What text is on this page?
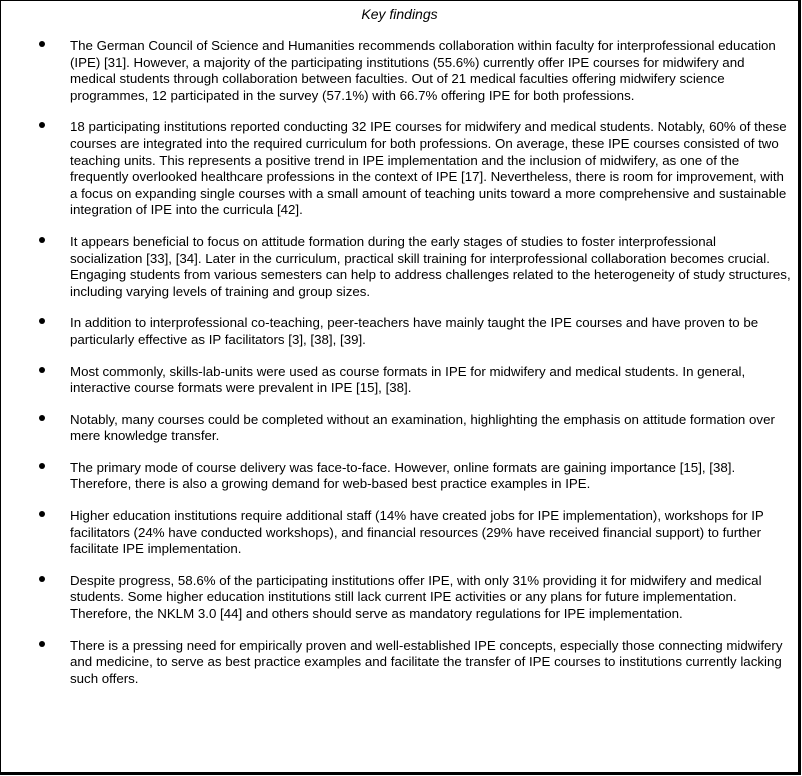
Key findings
The German Council of Science and Humanities recommends collaboration within faculty for interprofessional education (IPE) [31]. However, a majority of the participating institutions (55.6%) currently offer IPE courses for midwifery and medical students through collaboration between faculties. Out of 21 medical faculties offering midwifery science programmes, 12 participated in the survey (57.1%) with 66.7% offering IPE for both professions.
18 participating institutions reported conducting 32 IPE courses for midwifery and medical students. Notably, 60% of these courses are integrated into the required curriculum for both professions. On average, these IPE courses consisted of two teaching units. This represents a positive trend in IPE implementation and the inclusion of midwifery, as one of the frequently overlooked healthcare professions in the context of IPE [17]. Nevertheless, there is room for improvement, with a focus on expanding single courses with a small amount of teaching units toward a more comprehensive and sustainable integration of IPE into the curricula [42].
It appears beneficial to focus on attitude formation during the early stages of studies to foster interprofessional socialization [33], [34]. Later in the curriculum, practical skill training for interprofessional collaboration becomes crucial. Engaging students from various semesters can help to address challenges related to the heterogeneity of study structures, including varying levels of training and group sizes.
In addition to interprofessional co-teaching, peer-teachers have mainly taught the IPE courses and have proven to be particularly effective as IP facilitators [3], [38], [39].
Most commonly, skills-lab-units were used as course formats in IPE for midwifery and medical students. In general, interactive course formats were prevalent in IPE [15], [38].
Notably, many courses could be completed without an examination, highlighting the emphasis on attitude formation over mere knowledge transfer.
The primary mode of course delivery was face-to-face. However, online formats are gaining importance [15], [38]. Therefore, there is also a growing demand for web-based best practice examples in IPE.
Higher education institutions require additional staff (14% have created jobs for IPE implementation), workshops for IP facilitators (24% have conducted workshops), and financial resources (29% have received financial support) to further facilitate IPE implementation.
Despite progress, 58.6% of the participating institutions offer IPE, with only 31% providing it for midwifery and medical students. Some higher education institutions still lack current IPE activities or any plans for future implementation. Therefore, the NKLM 3.0 [44] and others should serve as mandatory regulations for IPE implementation.
There is a pressing need for empirically proven and well-established IPE concepts, especially those connecting midwifery and medicine, to serve as best practice examples and facilitate the transfer of IPE courses to institutions currently lacking such offers.
